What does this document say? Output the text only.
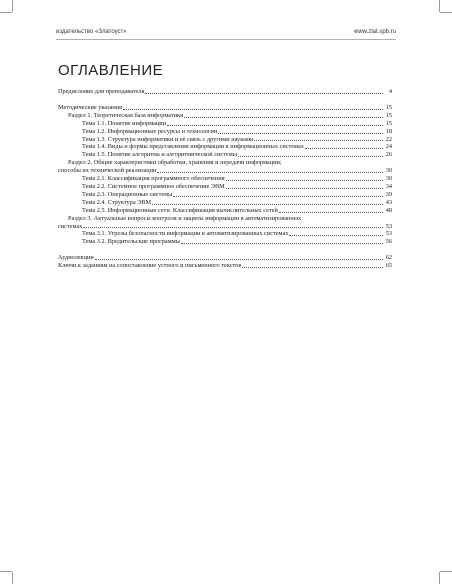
издательство «Златоуст»	www.zlat.spb.ru
ОГЛАВЛЕНИЕ
Предисловие для преподавателя	4
Методические указания	15
Раздел 1. Теоретическая база информатики	15
Тема 1.1. Понятие информации	15
Тема 1.2. Информационные ресурсы и технологии	18
Тема 1.3. Структура информатики и её связь с другими науками	22
Тема 1.4. Виды и формы представления информации в информационных системах	24
Тема 1.5. Понятие алгоритма и алгоритмической системы	26
Раздел 2. Общие характеристики обработки, хранения и передачи информации;
способы их технической реализации	30
Тема 2.1. Классификация программного обеспечения	30
Тема 2.2. Системное программное обеспечение ЭВМ	34
Тема 2.3. Операционные системы	39
Тема 2.4. Структура ЭВМ	43
Тема 2.5. Информационные сети. Классификация вычислительных сетей	48
Раздел 3. Актуальные вопросы контроля и защиты информации в автоматизированных
системах	53
Тема 3.1. Угрозы безопасности информации в автоматизированных системах	53
Тема 3.2. Вредительские программы	56
Аудиолекции	62
Ключи к заданиям на сопоставление устного и письменного текстов	65
